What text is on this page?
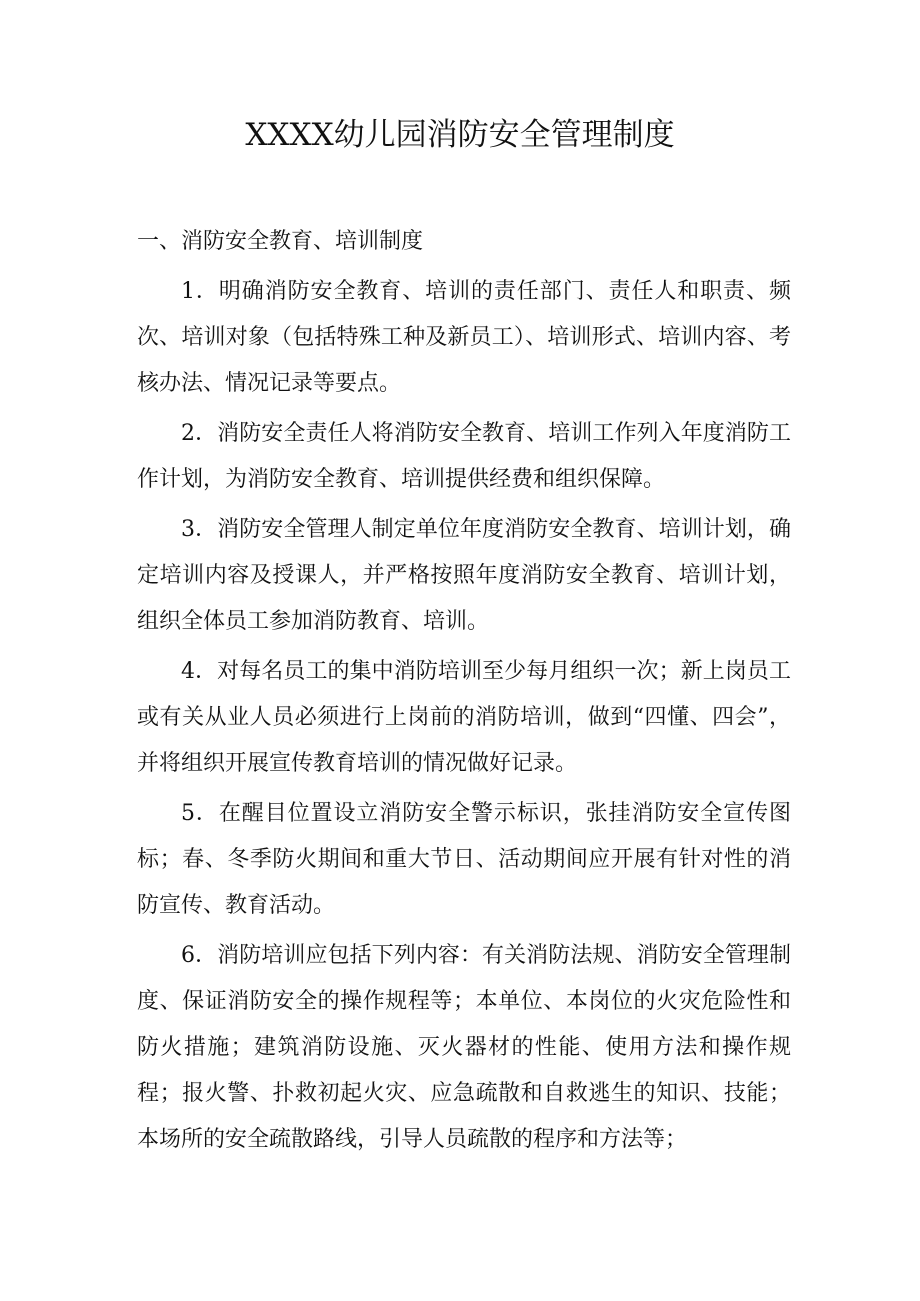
XXXX幼儿园消防安全管理制度
一、消防安全教育、培训制度

1．明确消防安全教育、培训的责任部门、责任人和职责、频次、培训对象（包括特殊工种及新员工）、培训形式、培训内容、考核办法、情况记录等要点。

2．消防安全责任人将消防安全教育、培训工作列入年度消防工作计划，为消防安全教育、培训提供经费和组织保障。

3．消防安全管理人制定单位年度消防安全教育、培训计划，确定培训内容及授课人，并严格按照年度消防安全教育、培训计划，组织全体员工参加消防教育、培训。

4．对每名员工的集中消防培训至少每月组织一次；新上岗员工或有关从业人员必须进行上岗前的消防培训，做到“四懂、四会”，并将组织开展宣传教育培训的情况做好记录。

5．在醒目位置设立消防安全警示标识，张挂消防安全宣传图标；春、冬季防火期间和重大节日、活动期间应开展有针对性的消防宣传、教育活动。

6．消防培训应包括下列内容：有关消防法规、消防安全管理制度、保证消防安全的操作规程等；本单位、本岗位的火灾危险性和防火措施；建筑消防设施、灭火器材的性能、使用方法和操作规程；报火警、扑救初起火灾、应急疏散和自救逃生的知识、技能；本场所的安全疏散路线，引导人员疏散的程序和方法等；
